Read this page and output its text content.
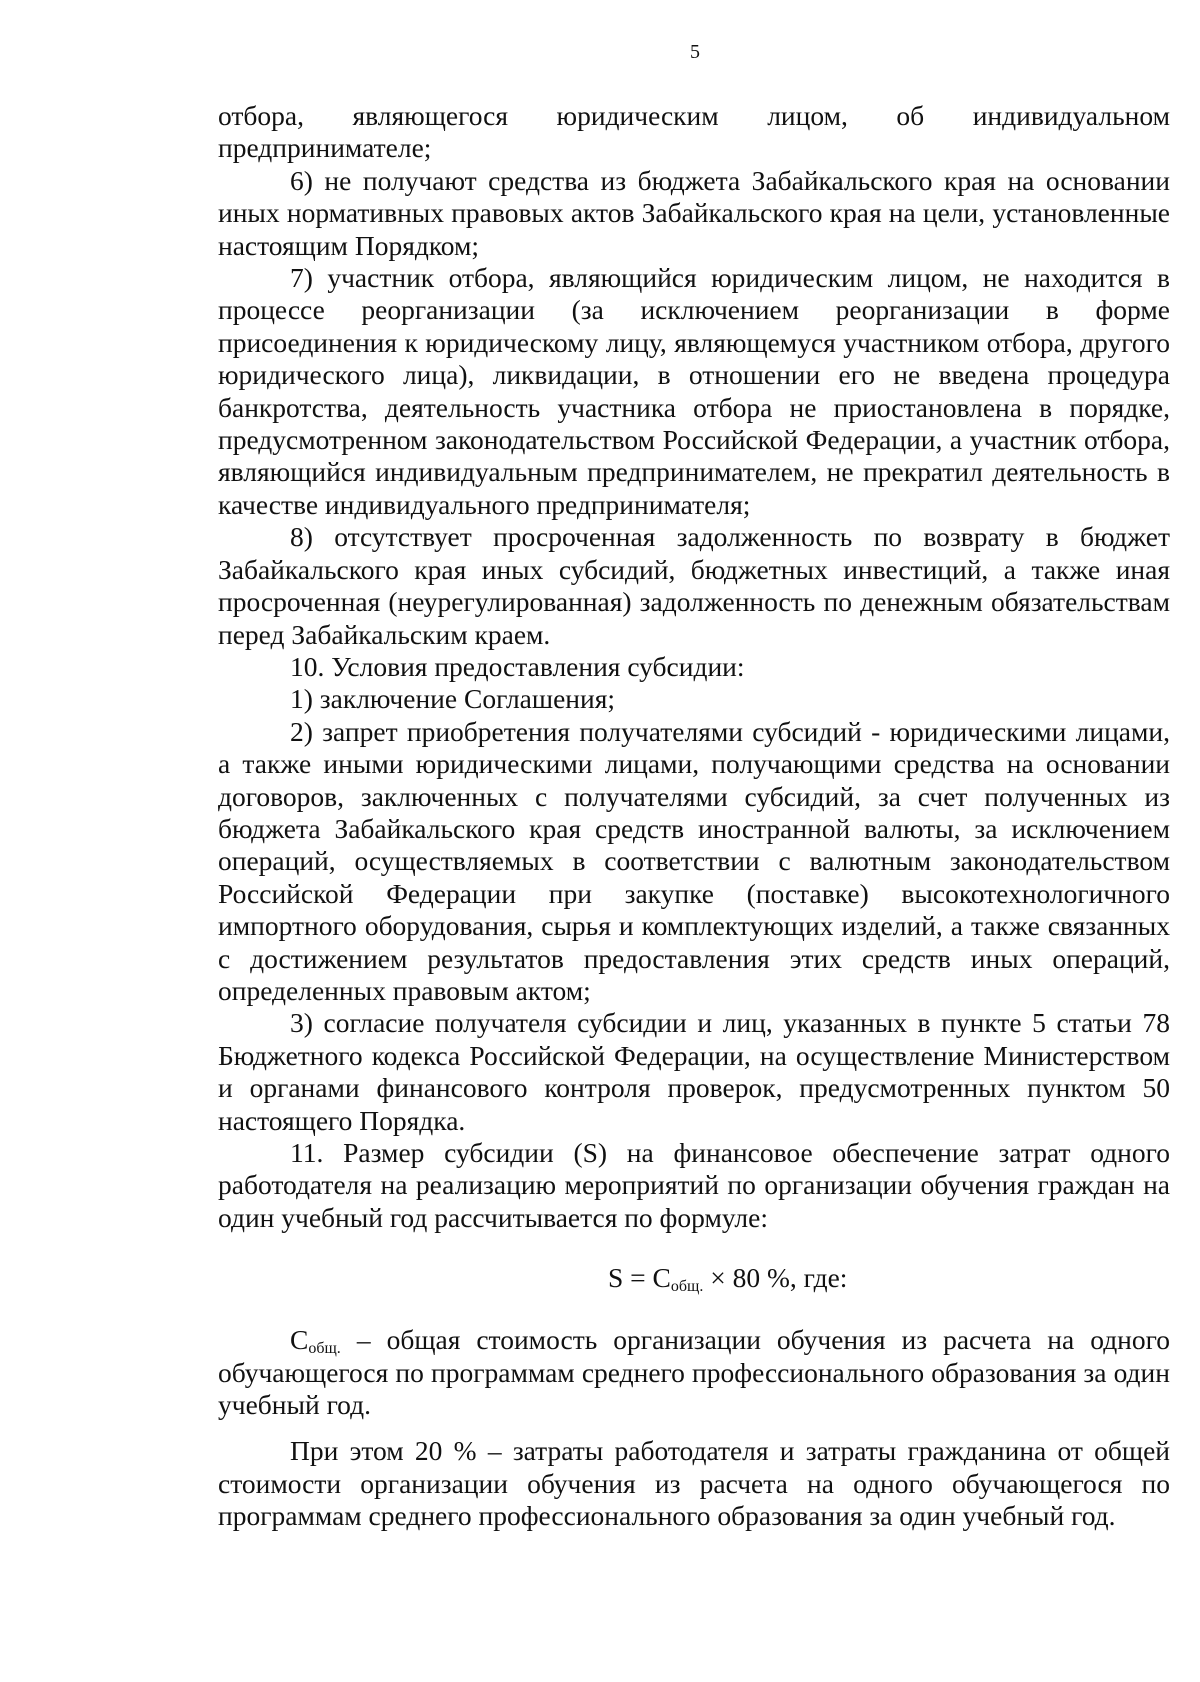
5

отбора, являющегося юридическим лицом, об индивидуальном предпринимателе;

6) не получают средства из бюджета Забайкальского края на основании иных нормативных правовых актов Забайкальского края на цели, установленные настоящим Порядком;

7) участник отбора, являющийся юридическим лицом, не находится в процессе реорганизации (за исключением реорганизации в форме присоединения к юридическому лицу, являющемуся участником отбора, другого юридического лица), ликвидации, в отношении его не введена процедура банкротства, деятельность участника отбора не приостановлена в порядке, предусмотренном законодательством Российской Федерации, а участник отбора, являющийся индивидуальным предпринимателем, не прекратил деятельность в качестве индивидуального предпринимателя;

8) отсутствует просроченная задолженность по возврату в бюджет Забайкальского края иных субсидий, бюджетных инвестиций, а также иная просроченная (неурегулированная) задолженность по денежным обязательствам перед Забайкальским краем.

10. Условия предоставления субсидии:

1) заключение Соглашения;

2) запрет приобретения получателями субсидий - юридическими лицами, а также иными юридическими лицами, получающими средства на основании договоров, заключенных с получателями субсидий, за счет полученных из бюджета Забайкальского края средств иностранной валюты, за исключением операций, осуществляемых в соответствии с валютным законодательством Российской Федерации при закупке (поставке) высокотехнологичного импортного оборудования, сырья и комплектующих изделий, а также связанных с достижением результатов предоставления этих средств иных операций, определенных правовым актом;

3) согласие получателя субсидии и лиц, указанных в пункте 5 статьи 78 Бюджетного кодекса Российской Федерации, на осуществление Министерством и органами финансового контроля проверок, предусмотренных пунктом 50 настоящего Порядка.

11. Размер субсидии (S) на финансовое обеспечение затрат одного работодателя на реализацию мероприятий по организации обучения граждан на один учебный год рассчитывается по формуле:

$S = C_{общ.} \times 80$ %, где:

$C_{общ.}$ – общая стоимость организации обучения из расчета на одного обучающегося по программам среднего профессионального образования за один учебный год.

При этом 20 % – затраты работодателя и затраты гражданина от общей стоимости организации обучения из расчета на одного обучающегося по программам среднего профессионального образования за один учебный год.
